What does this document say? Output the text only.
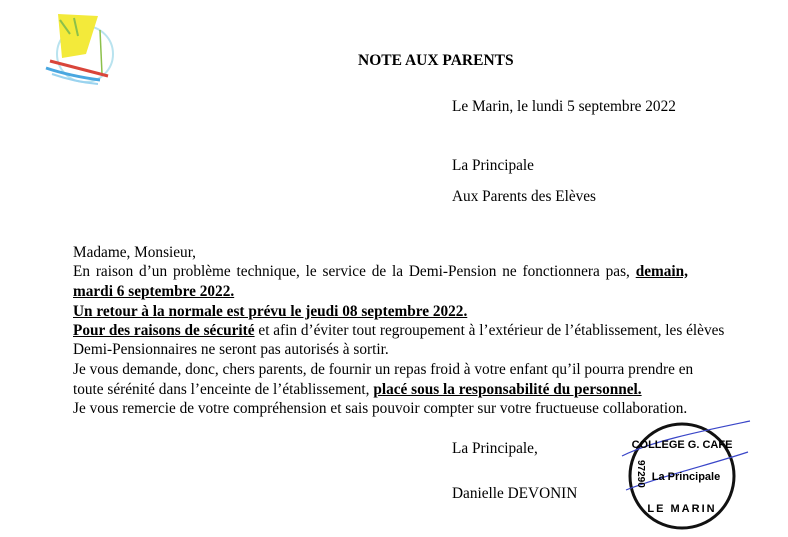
NOTE AUX PARENTS
Le Marin, le lundi 5 septembre 2022
La Principale
Aux Parents des Elèves
Madame, Monsieur,
En raison d’un problème technique, le service de la Demi-Pension ne fonctionnera pas, demain,
mardi 6 septembre 2022.
Un retour à la normale est prévu le jeudi 08 septembre 2022.
Pour des raisons de sécurité et afin d’éviter tout regroupement à l’extérieur de l’établissement, les élèves
Demi-Pensionnaires ne seront pas autorisés à sortir.
Je vous demande, donc, chers parents, de fournir un repas froid à votre enfant qu’il pourra prendre en
toute sérénité dans l’enceinte de l’établissement, placé sous la responsabilité du personnel.
Je vous remercie de votre compréhension et sais pouvoir compter sur votre fructueuse collaboration.
La Principale,
Danielle DEVONIN
COLLEGE G. CAFE
La Principale
LE MARIN
97290
